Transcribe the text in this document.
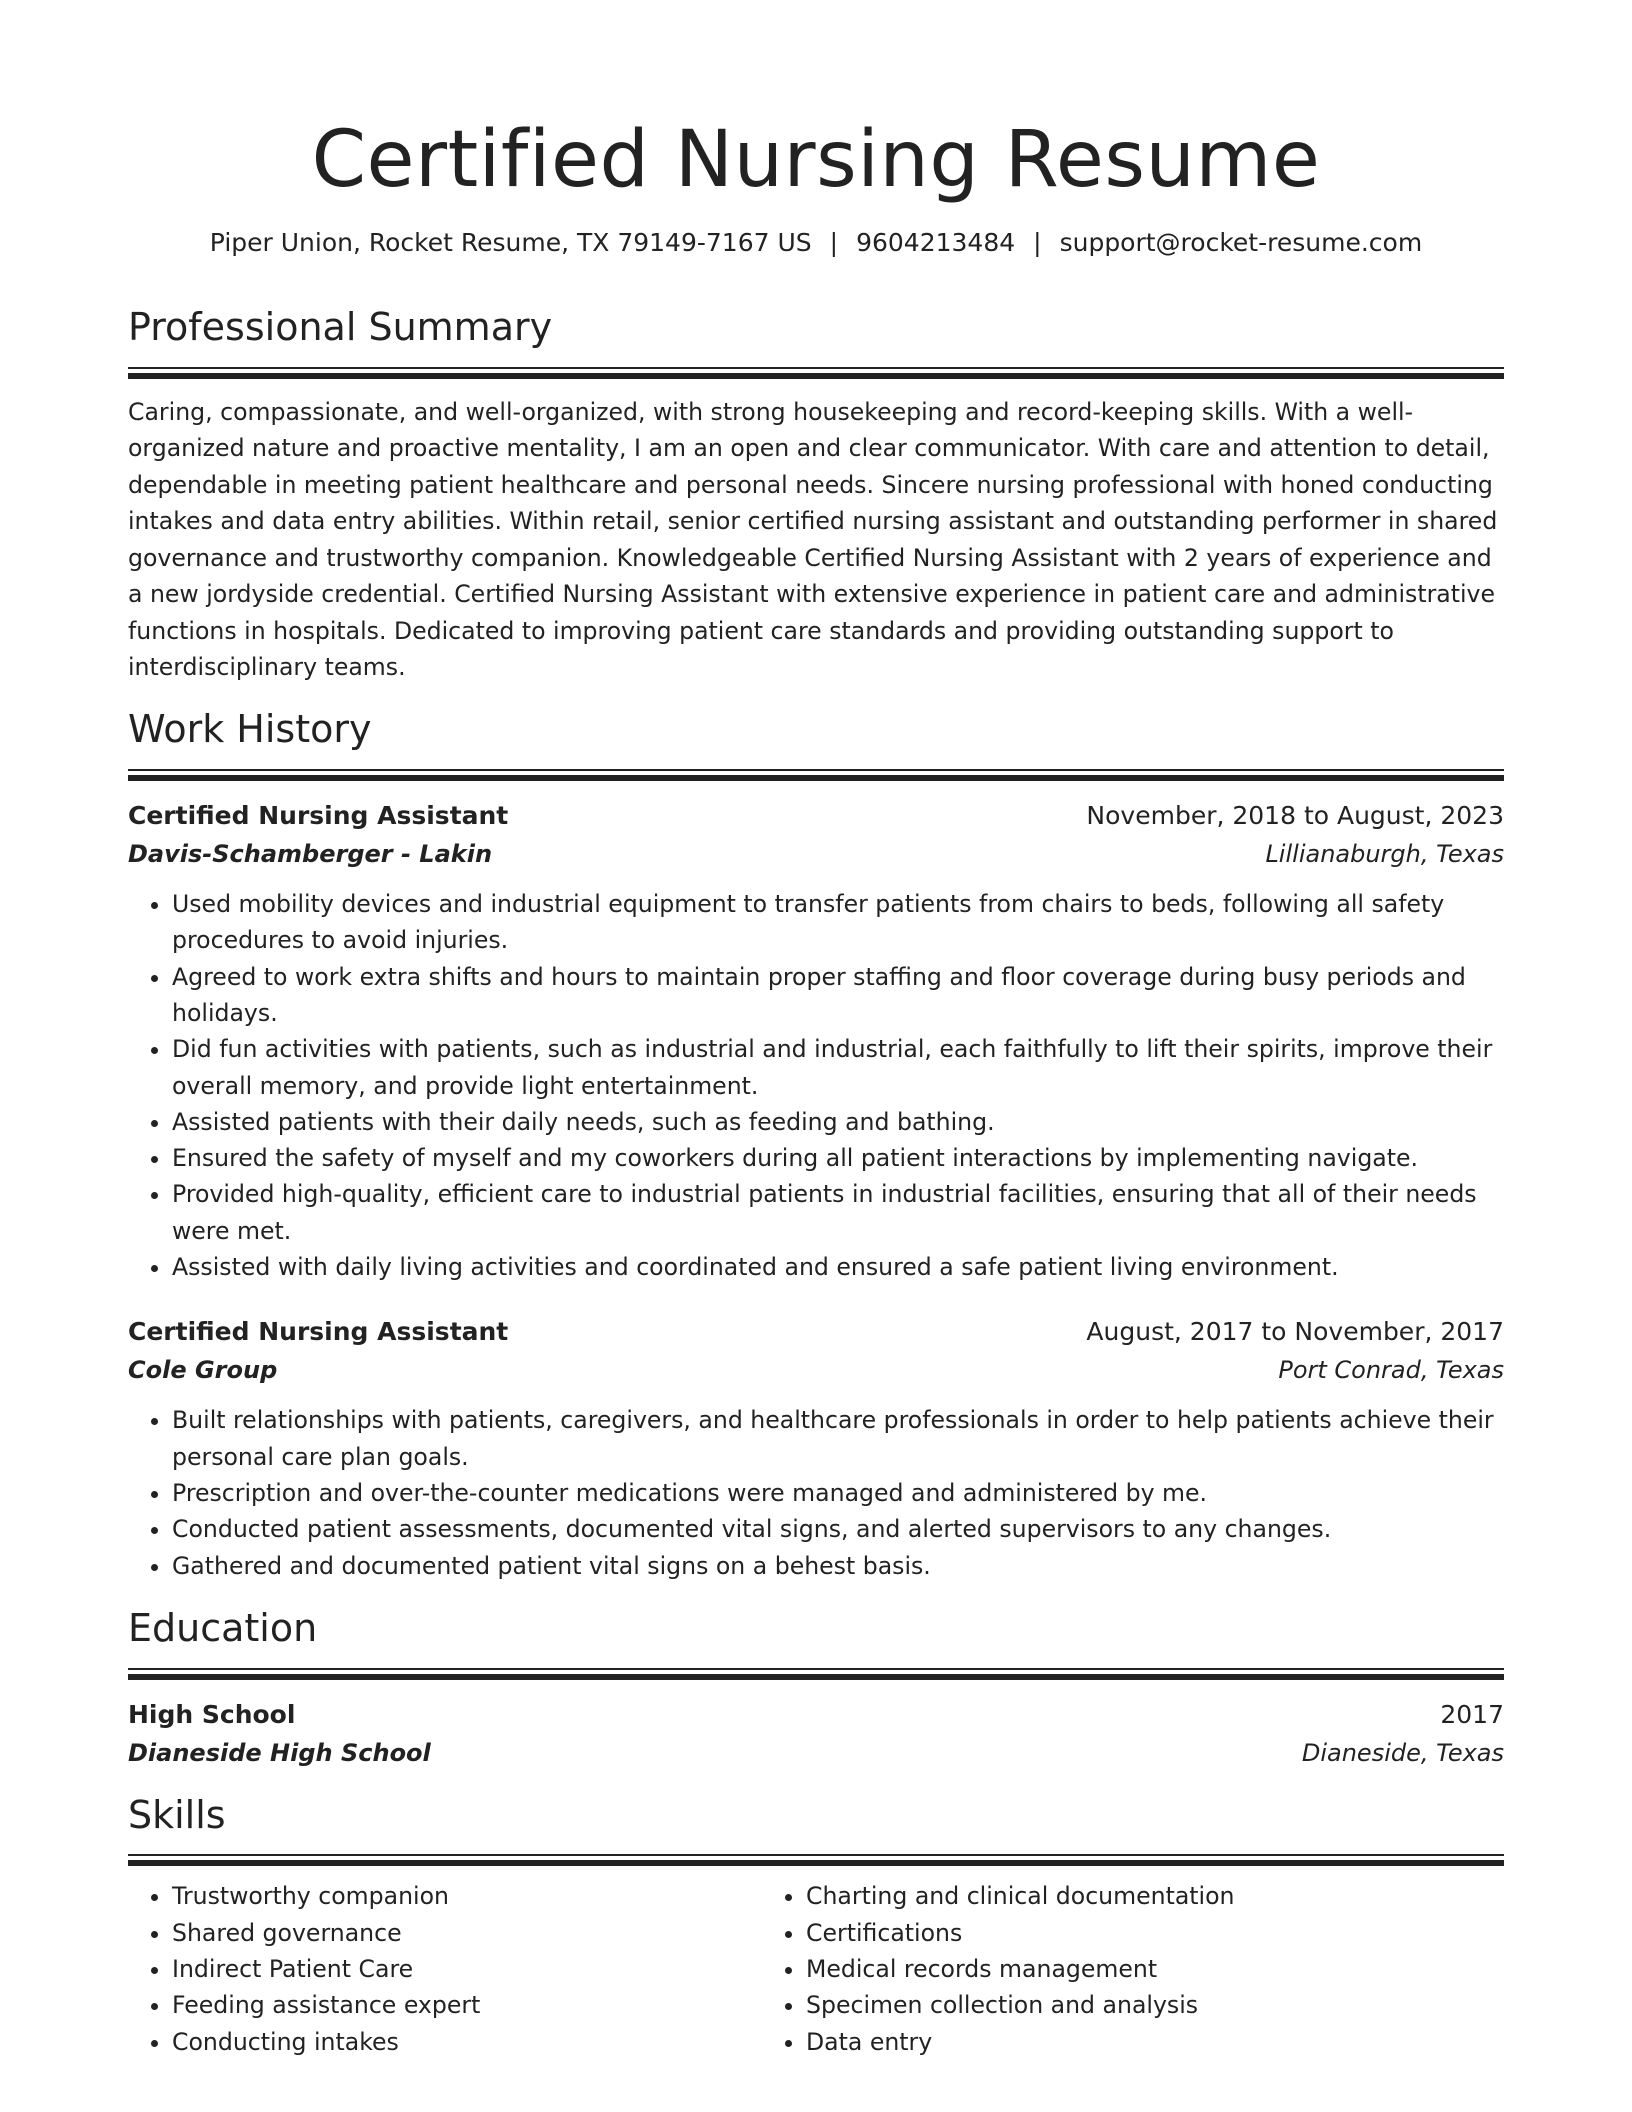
Certified Nursing Resume
Piper Union, Rocket Resume, TX 79149-7167 US | 9604213484 | support@rocket-resume.com
Professional Summary

Caring, compassionate, and well-organized, with strong housekeeping and record-keeping skills. With a well-organized nature and proactive mentality, I am an open and clear communicator. With care and attention to detail, dependable in meeting patient healthcare and personal needs. Sincere nursing professional with honed conducting intakes and data entry abilities. Within retail, senior certified nursing assistant and outstanding performer in shared governance and trustworthy companion. Knowledgeable Certified Nursing Assistant with 2 years of experience and a new jordyside credential. Certified Nursing Assistant with extensive experience in patient care and administrative functions in hospitals. Dedicated to improving patient care standards and providing outstanding support to interdisciplinary teams.

Work History
Certified Nursing Assistant	November, 2018 to August, 2023
Davis-Schamberger - Lakin	Lillianaburgh, Texas
• Used mobility devices and industrial equipment to transfer patients from chairs to beds, following all safety procedures to avoid injuries.
• Agreed to work extra shifts and hours to maintain proper staffing and floor coverage during busy periods and holidays.
• Did fun activities with patients, such as industrial and industrial, each faithfully to lift their spirits, improve their overall memory, and provide light entertainment.
• Assisted patients with their daily needs, such as feeding and bathing.
• Ensured the safety of myself and my coworkers during all patient interactions by implementing navigate.
• Provided high-quality, efficient care to industrial patients in industrial facilities, ensuring that all of their needs were met.
• Assisted with daily living activities and coordinated and ensured a safe patient living environment.
Certified Nursing Assistant	August, 2017 to November, 2017
Cole Group	Port Conrad, Texas
• Built relationships with patients, caregivers, and healthcare professionals in order to help patients achieve their personal care plan goals.
• Prescription and over-the-counter medications were managed and administered by me.
• Conducted patient assessments, documented vital signs, and alerted supervisors to any changes.
• Gathered and documented patient vital signs on a behest basis.
Education
High School	2017
Dianeside High School	Dianeside, Texas
Skills
• Trustworthy companion
• Shared governance
• Indirect Patient Care
• Feeding assistance expert
• Conducting intakes
• Charting and clinical documentation
• Certifications
• Medical records management
• Specimen collection and analysis
• Data entry
